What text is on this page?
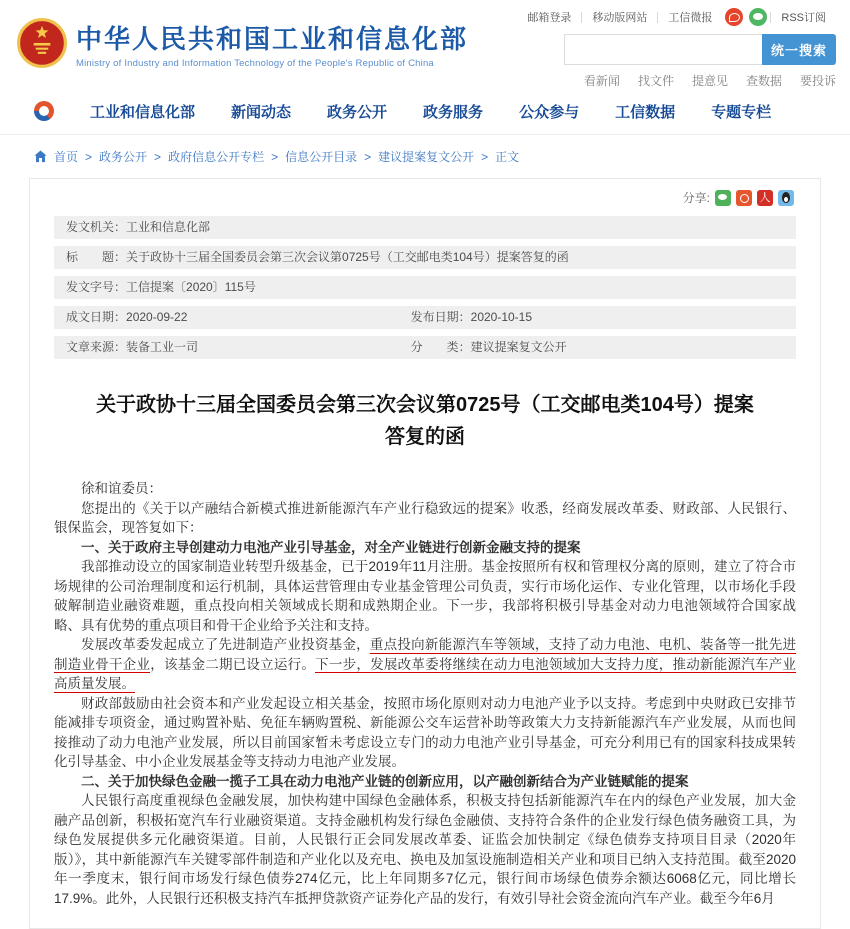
中华人民共和国工业和信息化部
Ministry of Industry and Information Technology of the People's Republic of China
邮箱登录	移动版网站	工信微报	RSS订阅
统一搜索
看新闻 找文件 提意见 查数据 要投诉
工业和信息化部 新闻动态 政务公开 政务服务 公众参与 工信数据 专题专栏
首页 > 政务公开 > 政府信息公开专栏 > 信息公开目录 > 建议提案复文公开 > 正文
分享:	人
发文机关： 工业和信息化部
标　　题： 关于政协十三届全国委员会第三次会议第0725号（工交邮电类104号）提案答复的函
发文字号： 工信提案〔2020〕115号
成文日期：2020-09-22	发布日期：2020-10-15
文章来源：装备工业一司	分　　类：建议提案复文公开
关于政协十三届全国委员会第三次会议第0725号（工交邮电类104号）提案答复的函

徐和谊委员：

您提出的《关于以产融结合新模式推进新能源汽车产业行稳致远的提案》收悉，经商发展改革委、财政部、人民银行、银保监会，现答复如下：

一、关于政府主导创建动力电池产业引导基金，对全产业链进行创新金融支持的提案

我部推动设立的国家制造业转型升级基金，已于2019年11月注册。基金按照所有权和管理权分离的原则，建立了符合市场规律的公司治理制度和运行机制，具体运营管理由专业基金管理公司负责，实行市场化运作、专业化管理，以市场化手段破解制造业融资难题，重点投向相关领域成长期和成熟期企业。下一步，我部将积极引导基金对动力电池领域符合国家战略、具有优势的重点项目和骨干企业给予关注和支持。

发展改革委发起成立了先进制造产业投资基金，重点投向新能源汽车等领域，支持了动力电池、电机、装备等一批先进制造业骨干企业，该基金二期已设立运行。下一步，发展改革委将继续在动力电池领域加大支持力度，推动新能源汽车产业高质量发展。

财政部鼓励由社会资本和产业发起设立相关基金，按照市场化原则对动力电池产业予以支持。考虑到中央财政已安排节能减排专项资金，通过购置补贴、免征车辆购置税、新能源公交车运营补助等政策大力支持新能源汽车产业发展，从而也间接推动了动力电池产业发展，所以目前国家暂未考虑设立专门的动力电池产业引导基金，可充分利用已有的国家科技成果转化引导基金、中小企业发展基金等支持动力电池产业发展。

二、关于加快绿色金融一揽子工具在动力电池产业链的创新应用，以产融创新结合为产业链赋能的提案

人民银行高度重视绿色金融发展，加快构建中国绿色金融体系，积极支持包括新能源汽车在内的绿色产业发展，加大金融产品创新，积极拓宽汽车行业融资渠道。支持金融机构发行绿色金融债、支持符合条件的企业发行绿色债务融资工具，为绿色发展提供多元化融资渠道。目前，人民银行正会同发展改革委、证监会加快制定《绿色债券支持项目目录（2020年版）》，其中新能源汽车关键零部件制造和产业化以及充电、换电及加氢设施制造相关产业和项目已纳入支持范围。截至2020年一季度末，银行间市场发行绿色债券274亿元，比上年同期多7亿元，银行间市场绿色债券余额达6068亿元，同比增长17.9%。此外，人民银行还积极支持汽车抵押贷款资产证券化产品的发行，有效引导社会资金流向汽车产业。截至今年6月
